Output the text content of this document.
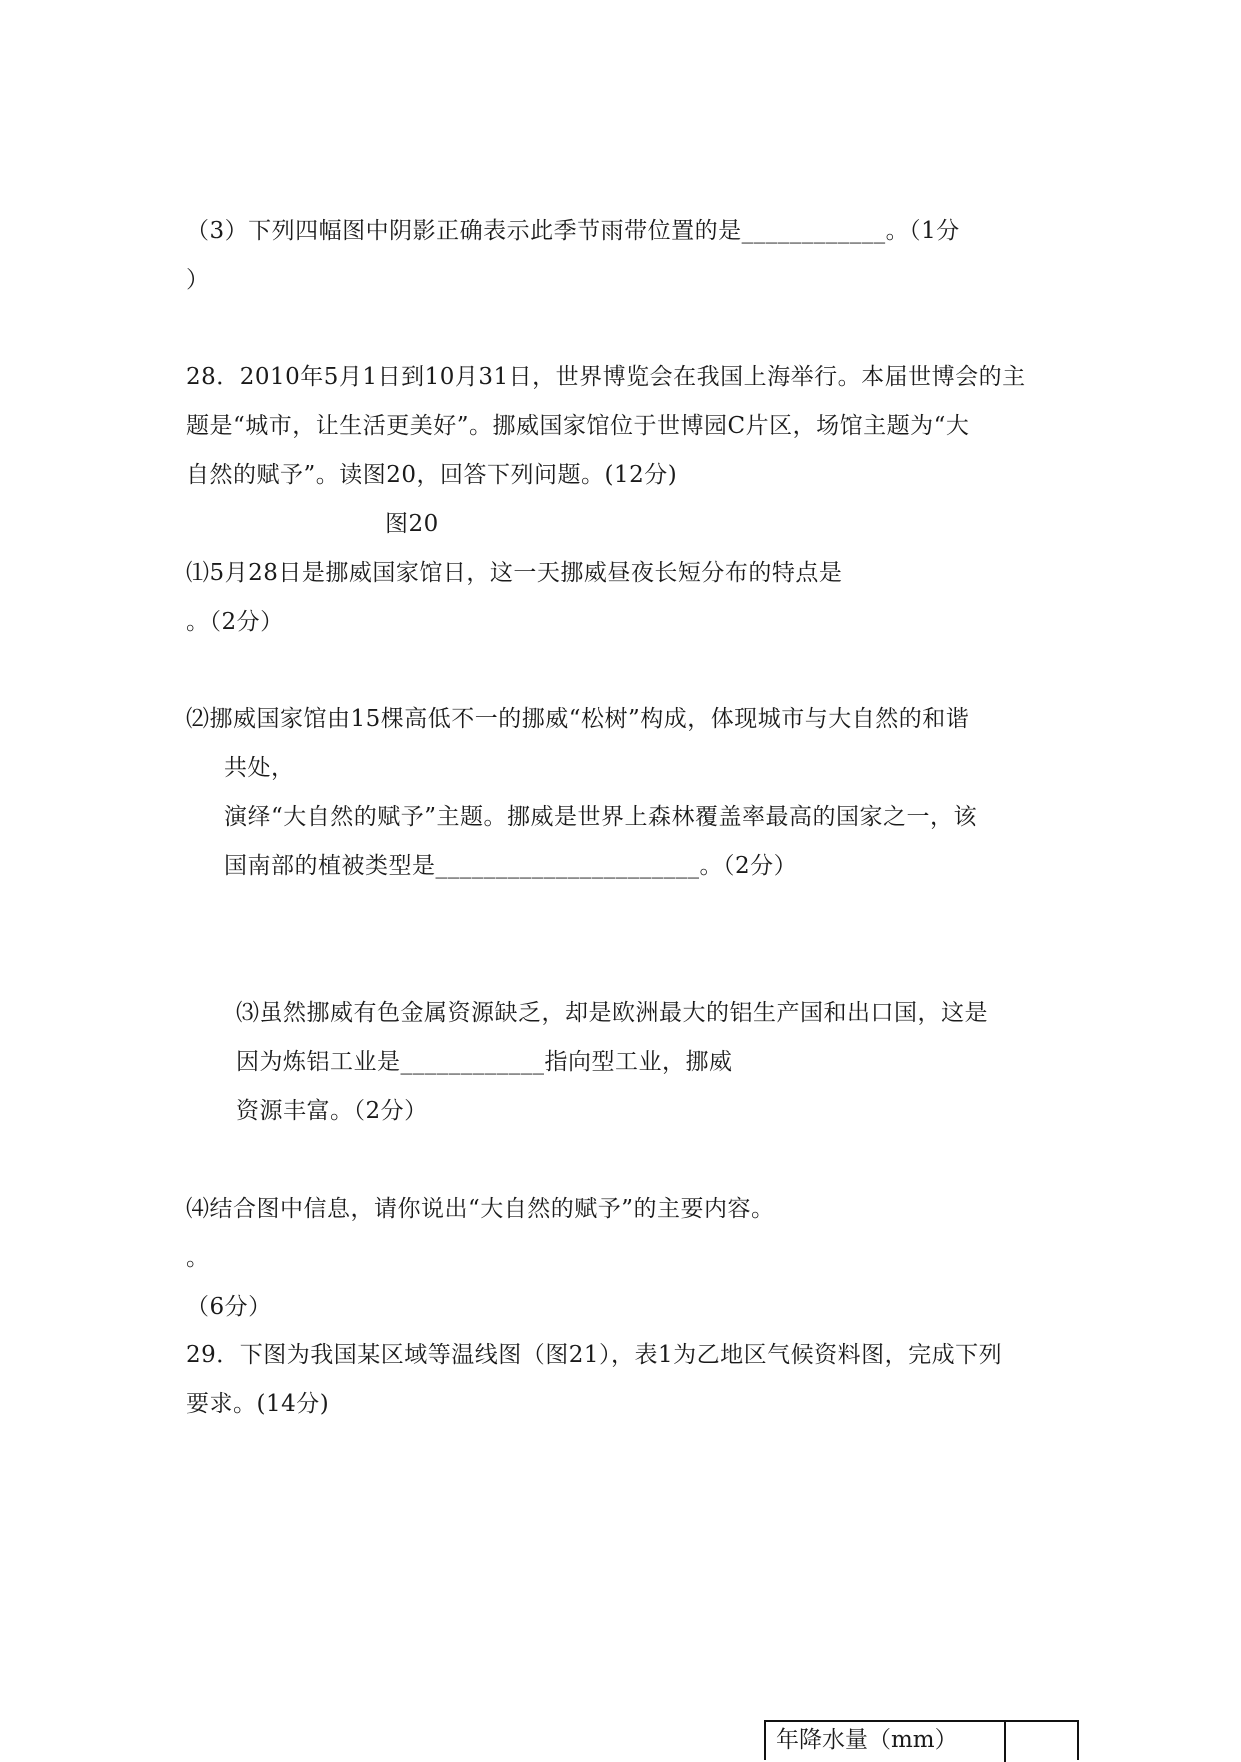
（3）下列四幅图中阴影正确表示此季节雨带位置的是____________。（1分
）
28．2010年5月1日到10月31日，世界博览会在我国上海举行。本届世博会的主
题是“城市，让生活更美好”。挪威国家馆位于世博园C片区，场馆主题为“大
自然的赋予”。读图20，回答下列问题。(12分)
图20
⑴5月28日是挪威国家馆日，这一天挪威昼夜长短分布的特点是
。（2分）
⑵挪威国家馆由15棵高低不一的挪威“松树”构成，体现城市与大自然的和谐
共处，
演绎“大自然的赋予”主题。挪威是世界上森林覆盖率最高的国家之一，该
国南部的植被类型是______________________。（2分）
⑶虽然挪威有色金属资源缺乏，却是欧洲最大的铝生产国和出口国，这是
因为炼铝工业是____________指向型工业，挪威
资源丰富。（2分）
⑷结合图中信息，请你说出“大自然的赋予”的主要内容。
。
（6分）
29．下图为我国某区域等温线图（图21），表1为乙地区气候资料图，完成下列
要求。(14分)
年降水量（mm）
